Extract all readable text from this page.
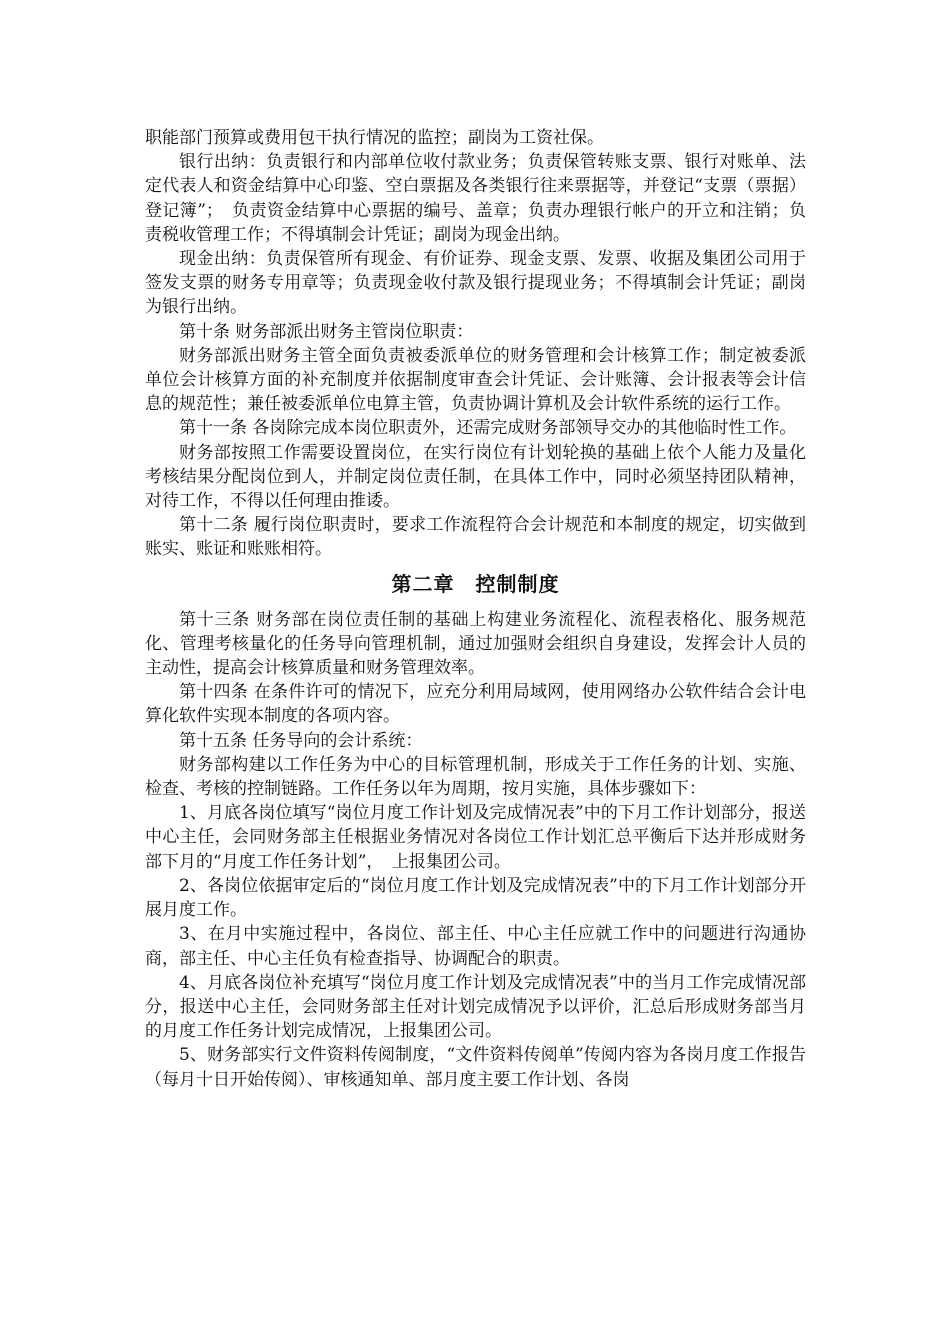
职能部门预算或费用包干执行情况的监控；副岗为工资社保。

银行出纳：负责银行和内部单位收付款业务；负责保管转账支票、银行对账单、法定代表人和资金结算中心印鉴、空白票据及各类银行往来票据等，并登记“支票（票据）登记簿”；　负责资金结算中心票据的编号、盖章；负责办理银行帐户的开立和注销；负责税收管理工作；不得填制会计凭证；副岗为现金出纳。

现金出纳：负责保管所有现金、有价证券、现金支票、发票、收据及集团公司用于签发支票的财务专用章等；负责现金收付款及银行提现业务；不得填制会计凭证；副岗为银行出纳。

第十条 财务部派出财务主管岗位职责：

财务部派出财务主管全面负责被委派单位的财务管理和会计核算工作；制定被委派单位会计核算方面的补充制度并依据制度审查会计凭证、会计账簿、会计报表等会计信息的规范性；兼任被委派单位电算主管，负责协调计算机及会计软件系统的运行工作。

第十一条 各岗除完成本岗位职责外，还需完成财务部领导交办的其他临时性工作。

财务部按照工作需要设置岗位，在实行岗位有计划轮换的基础上依个人能力及量化考核结果分配岗位到人，并制定岗位责任制，在具体工作中，同时必须坚持团队精神，对待工作，不得以任何理由推诿。

第十二条 履行岗位职责时，要求工作流程符合会计规范和本制度的规定，切实做到账实、账证和账账相符。

第二章　控制制度

第十三条 财务部在岗位责任制的基础上构建业务流程化、流程表格化、服务规范化、管理考核量化的任务导向管理机制，通过加强财会组织自身建设，发挥会计人员的主动性，提高会计核算质量和财务管理效率。

第十四条 在条件许可的情况下，应充分利用局域网，使用网络办公软件结合会计电算化软件实现本制度的各项内容。

第十五条 任务导向的会计系统：

财务部构建以工作任务为中心的目标管理机制，形成关于工作任务的计划、实施、检查、考核的控制链路。工作任务以年为周期，按月实施，具体步骤如下：

1、月底各岗位填写“岗位月度工作计划及完成情况表”中的下月工作计划部分，报送中心主任，会同财务部主任根据业务情况对各岗位工作计划汇总平衡后下达并形成财务部下月的“月度工作任务计划”，　上报集团公司。

2、各岗位依据审定后的“岗位月度工作计划及完成情况表”中的下月工作计划部分开展月度工作。

3、在月中实施过程中，各岗位、部主任、中心主任应就工作中的问题进行沟通协商，部主任、中心主任负有检查指导、协调配合的职责。

4、月底各岗位补充填写“岗位月度工作计划及完成情况表”中的当月工作完成情况部分，报送中心主任，会同财务部主任对计划完成情况予以评价，汇总后形成财务部当月的月度工作任务计划完成情况，上报集团公司。

5、财务部实行文件资料传阅制度，“文件资料传阅单”传阅内容为各岗月度工作报告（每月十日开始传阅）、审核通知单、部月度主要工作计划、各岗
